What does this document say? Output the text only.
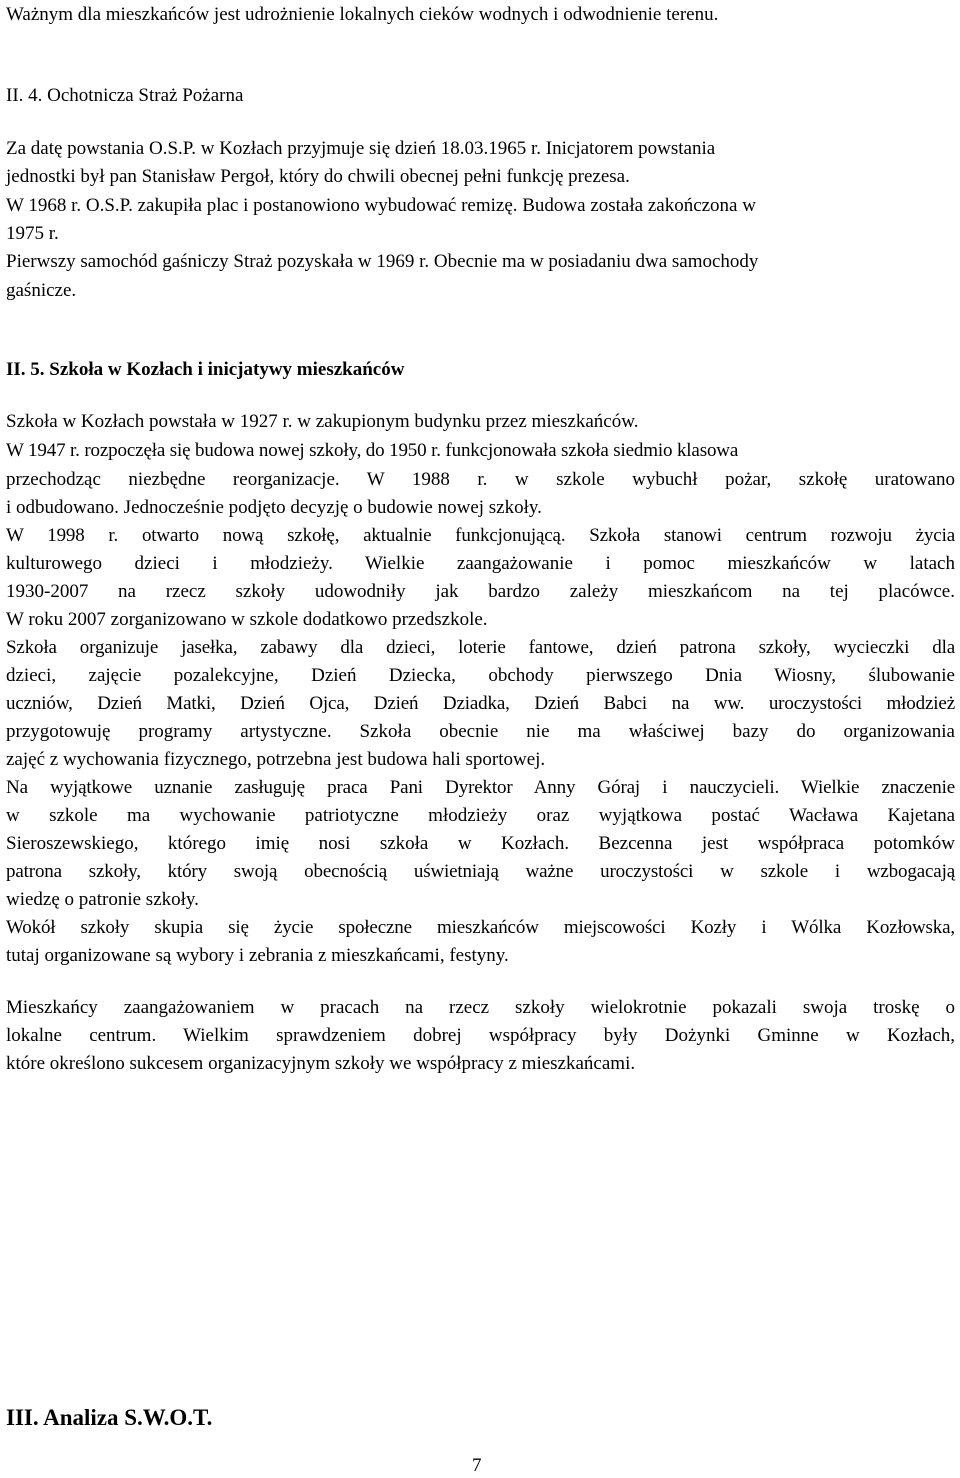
Ważnym dla mieszkańców jest udrożnienie lokalnych cieków wodnych i odwodnienie terenu.
II. 4. Ochotnicza Straż Pożarna
Za datę powstania O.S.P. w Kozłach przyjmuje się dzień 18.03.1965 r. Inicjatorem powstania
jednostki był pan Stanisław Pergoł, który do chwili obecnej pełni funkcję prezesa.
W 1968 r. O.S.P. zakupiła plac i postanowiono wybudować remizę. Budowa została zakończona w
1975 r.
Pierwszy samochód gaśniczy Straż pozyskała w 1969 r. Obecnie ma w posiadaniu dwa samochody
gaśnicze.
II. 5. Szkoła w Kozłach i inicjatywy mieszkańców
Szkoła w Kozłach powstała w 1927 r. w zakupionym budynku przez mieszkańców.
W 1947 r. rozpoczęła się budowa nowej szkoły, do 1950 r. funkcjonowała szkoła siedmio klasowa
przechodząc niezbędne reorganizacje. W 1988 r. w szkole wybuchł pożar, szkołę uratowano
i odbudowano. Jednocześnie podjęto decyzję o budowie nowej szkoły.
W 1998 r. otwarto nową szkołę, aktualnie funkcjonującą. Szkoła stanowi centrum rozwoju życia
kulturowego dzieci i młodzieży. Wielkie zaangażowanie i pomoc mieszkańców w latach
1930-2007 na rzecz szkoły udowodniły jak bardzo zależy mieszkańcom na tej placówce.
W roku 2007 zorganizowano w szkole dodatkowo przedszkole.
Szkoła organizuje jasełka, zabawy dla dzieci, loterie fantowe, dzień patrona szkoły, wycieczki dla
dzieci, zajęcie pozalekcyjne, Dzień Dziecka, obchody pierwszego Dnia Wiosny, ślubowanie
uczniów, Dzień Matki, Dzień Ojca, Dzień Dziadka, Dzień Babci na ww. uroczystości młodzież
przygotowuję programy artystyczne. Szkoła obecnie nie ma właściwej bazy do organizowania
zajęć z wychowania fizycznego, potrzebna jest budowa hali sportowej.
Na wyjątkowe uznanie zasługuję praca Pani Dyrektor Anny Góraj i nauczycieli. Wielkie znaczenie
w szkole ma wychowanie patriotyczne młodzieży oraz wyjątkowa postać Wacława Kajetana
Sieroszewskiego, którego imię nosi szkoła w Kozłach. Bezcenna jest współpraca potomków
patrona szkoły, który swoją obecnością uświetniają ważne uroczystości w szkole i wzbogacają
wiedzę o patronie szkoły.
Wokół szkoły skupia się życie społeczne mieszkańców miejscowości Kozły i Wólka Kozłowska,
tutaj organizowane są wybory i zebrania z mieszkańcami, festyny.
Mieszkańcy zaangażowaniem w pracach na rzecz szkoły wielokrotnie pokazali swoja troskę o
lokalne centrum. Wielkim sprawdzeniem dobrej współpracy były Dożynki Gminne w Kozłach,
które określono sukcesem organizacyjnym szkoły we współpracy z mieszkańcami.
III. Analiza S.W.O.T.
7
